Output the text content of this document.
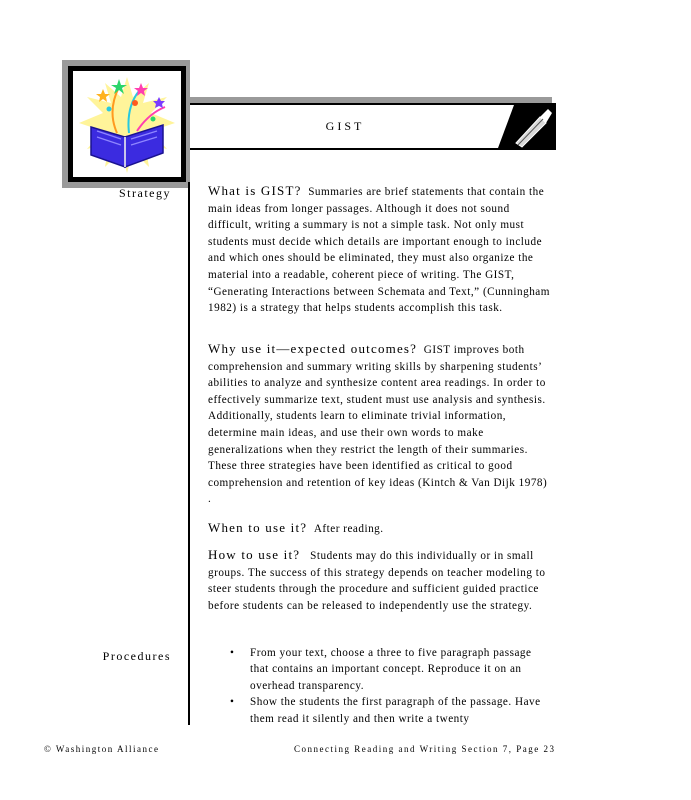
GIST
Strategy
Procedures

What is GIST? Summaries are brief statements that contain the main ideas from longer passages. Although it does not sound difficult, writing a summary is not a simple task. Not only must students must decide which details are important enough to include and which ones should be eliminated, they must also organize the material into a readable, coherent piece of writing. The GIST, “Generating Interactions between Schemata and Text,” (Cunningham 1982) is a strategy that helps students accomplish this task.

Why use it—expected outcomes? GIST improves both comprehension and summary writing skills by sharpening students’ abilities to analyze and synthesize content area readings. In order to effectively summarize text, student must use analysis and synthesis. Additionally, students learn to eliminate trivial information, determine main ideas, and use their own words to make generalizations when they restrict the length of their summaries. These three strategies have been identified as critical to good comprehension and retention of key ideas (Kintch & Van Dijk 1978) .

When to use it? After reading.

How to use it? Students may do this individually or in small groups. The success of this strategy depends on teacher modeling to steer students through the procedure and sufficient guided practice before students can be released to independently use the strategy.

• From your text, choose a three to five paragraph passage that contains an important concept. Reproduce it on an overhead transparency.
• Show the students the first paragraph of the passage. Have them read it silently and then write a twenty
© Washington Alliance	Connecting Reading and Writing Section 7, Page 23
